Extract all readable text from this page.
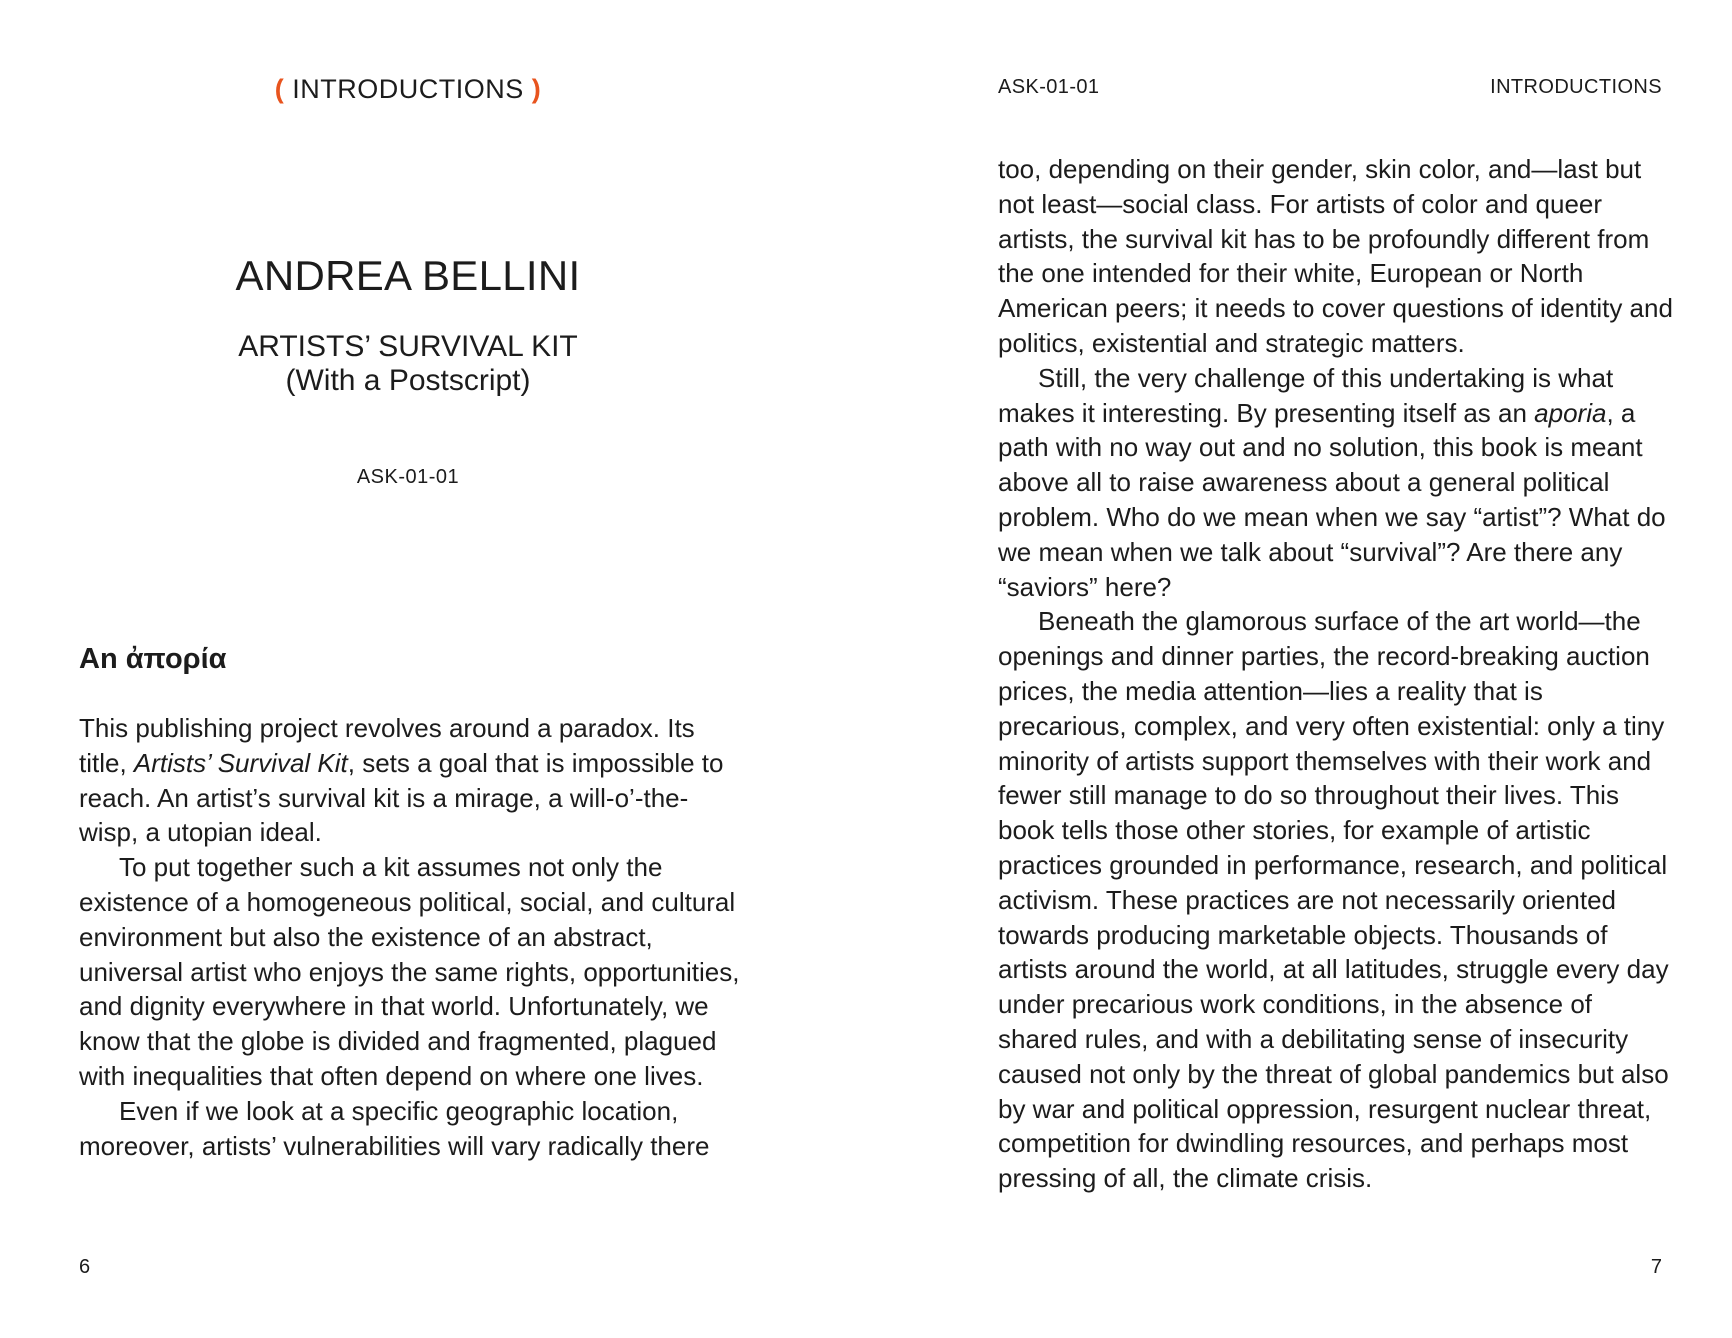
( INTRODUCTIONS )
ANDREA BELLINI
ARTISTS’ SURVIVAL KIT
(With a Postscript)
ASK-01-01
An ἀπορία

This publishing project revolves around a paradox. Its title, Artists’ Survival Kit, sets a goal that is impossible to reach. An artist’s survival kit is a mirage, a will-o’-the-wisp, a utopian ideal.

To put together such a kit assumes not only the existence of a homogeneous political, social, and cultural environment but also the existence of an abstract, universal artist who enjoys the same rights, opportunities, and dignity everywhere in that world. Unfortunately, we know that the globe is divided and fragmented, plagued with inequalities that often depend on where one lives.

Even if we look at a specific geographic location, moreover, artists’ vulnerabilities will vary radically there

6
ASK-01-01	INTRODUCTIONS

too, depending on their gender, skin color, and—last but not least—social class. For artists of color and queer artists, the survival kit has to be profoundly different from the one intended for their white, European or North American peers; it needs to cover questions of identity and politics, existential and strategic matters.

Still, the very challenge of this undertaking is what makes it interesting. By presenting itself as an aporia, a path with no way out and no solution, this book is meant above all to raise awareness about a general political problem. Who do we mean when we say “artist”? What do we mean when we talk about “survival”? Are there any “saviors” here?

Beneath the glamorous surface of the art world—the openings and dinner parties, the record-breaking auction prices, the media attention—lies a reality that is precarious, complex, and very often existential: only a tiny minority of artists support themselves with their work and fewer still manage to do so throughout their lives. This book tells those other stories, for example of artistic practices grounded in performance, research, and political activism. These practices are not necessarily oriented towards producing marketable objects. Thousands of artists around the world, at all latitudes, struggle every day under precarious work conditions, in the absence of shared rules, and with a debilitating sense of insecurity caused not only by the threat of global pandemics but also by war and political oppression, resurgent nuclear threat, competition for dwindling resources, and perhaps most pressing of all, the climate crisis.

7
